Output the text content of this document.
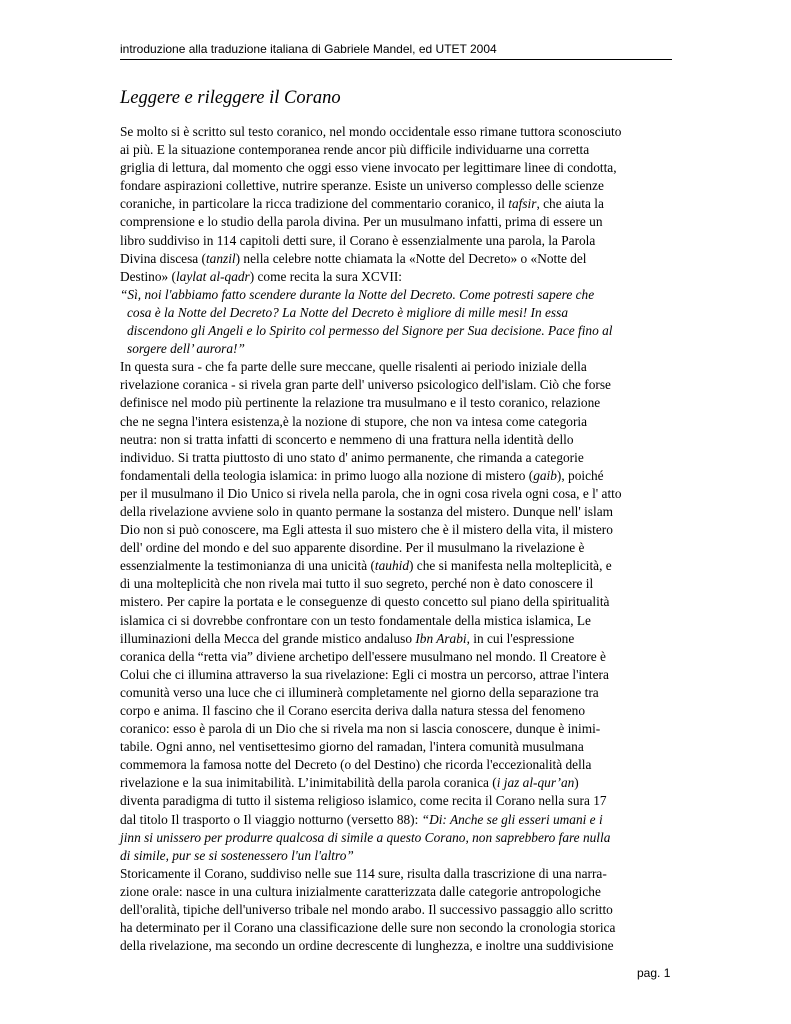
introduzione alla traduzione italiana di Gabriele Mandel, ed UTET 2004
Leggere e rileggere il Corano

Se molto si è scritto sul testo coranico, nel mondo occidentale esso rimane tuttora sconosciuto
ai più. E la situazione contemporanea rende ancor più difficile individuarne una corretta
griglia di lettura, dal momento che oggi esso viene invocato per legittimare linee di condotta,
fondare aspirazioni collettive, nutrire speranze. Esiste un universo complesso delle scienze
coraniche, in particolare la ricca tradizione del commentario coranico, il tafsir, che aiuta la
comprensione e lo studio della parola divina. Per un musulmano infatti, prima di essere un
libro suddiviso in 114 capitoli detti sure, il Corano è essenzialmente una parola, la Parola
Divina discesa (tanzil) nella celebre notte chiamata la «Notte del Decreto» o «Notte del
Destino» (laylat al-qadr) come recita la sura XCVII:

“Sì, noi l'abbiamo fatto scendere durante la Notte del Decreto. Come potresti sapere che
cosa è la Notte del Decreto? La Notte del Decreto è migliore di mille mesi! In essa
discendono gli Angeli e lo Spirito col permesso del Signore per Sua decisione. Pace fino al
sorgere dell’ aurora!”

In questa sura - che fa parte delle sure meccane, quelle risalenti ai periodo iniziale della
rivelazione coranica - si rivela gran parte dell' universo psicologico dell'islam. Ciò che forse
definisce nel modo più pertinente la relazione tra musulmano e il testo coranico, relazione
che ne segna l'intera esistenza,è la nozione di stupore, che non va intesa come categoria
neutra: non si tratta infatti di sconcerto e nemmeno di una frattura nella identità dello
individuo. Si tratta piuttosto di uno stato d' animo permanente, che rimanda a categorie
fondamentali della teologia islamica: in primo luogo alla nozione di mistero (gaib), poiché
per il musulmano il Dio Unico si rivela nella parola, che in ogni cosa rivela ogni cosa, e l' atto
della rivelazione avviene solo in quanto permane la sostanza del mistero. Dunque nell' islam
Dio non si può conoscere, ma Egli attesta il suo mistero che è il mistero della vita, il mistero
dell' ordine del mondo e del suo apparente disordine. Per il musulmano la rivelazione è
essenzialmente la testimonianza di una unicità (tauhid) che si manifesta nella molteplicità, e
di una molteplicità che non rivela mai tutto il suo segreto, perché non è dato conoscere il
mistero. Per capire la portata e le conseguenze di questo concetto sul piano della spiritualità
islamica ci si dovrebbe confrontare con un testo fondamentale della mistica islamica, Le
illuminazioni della Mecca del grande mistico andaluso Ibn Arabi, in cui l'espressione
coranica della “retta via” diviene archetipo dell'essere musulmano nel mondo. Il Creatore è
Colui che ci illumina attraverso la sua rivelazione: Egli ci mostra un percorso, attrae l'intera
comunità verso una luce che ci illuminerà completamente nel giorno della separazione tra
corpo e anima. Il fascino che il Corano esercita deriva dalla natura stessa del fenomeno
coranico: esso è parola di un Dio che si rivela ma non si lascia conoscere, dunque è inimi-
tabile. Ogni anno, nel ventisettesimo giorno del ramadan, l'intera comunità musulmana
commemora la famosa notte del Decreto (o del Destino) che ricorda l'eccezionalità della
rivelazione e la sua inimitabilità. L’inimitabilità della parola coranica (i jaz al-qur’an)
diventa paradigma di tutto il sistema religioso islamico, come recita il Corano nella sura 17
dal titolo Il trasporto o Il viaggio notturno (versetto 88): “Di: Anche se gli esseri umani e i
jinn si unissero per produrre qualcosa di simile a questo Corano, non saprebbero fare nulla
di simile, pur se si sostenessero l'un l'altro”

Storicamente il Corano, suddiviso nelle sue 114 sure, risulta dalla trascrizione di una narra-
zione orale: nasce in una cultura inizialmente caratterizzata dalle categorie antropologiche
dell'oralità, tipiche dell'universo tribale nel mondo arabo. Il successivo passaggio allo scritto
ha determinato per il Corano una classificazione delle sure non secondo la cronologia storica
della rivelazione, ma secondo un ordine decrescente di lunghezza, e inoltre una suddivisione

pag. 1
